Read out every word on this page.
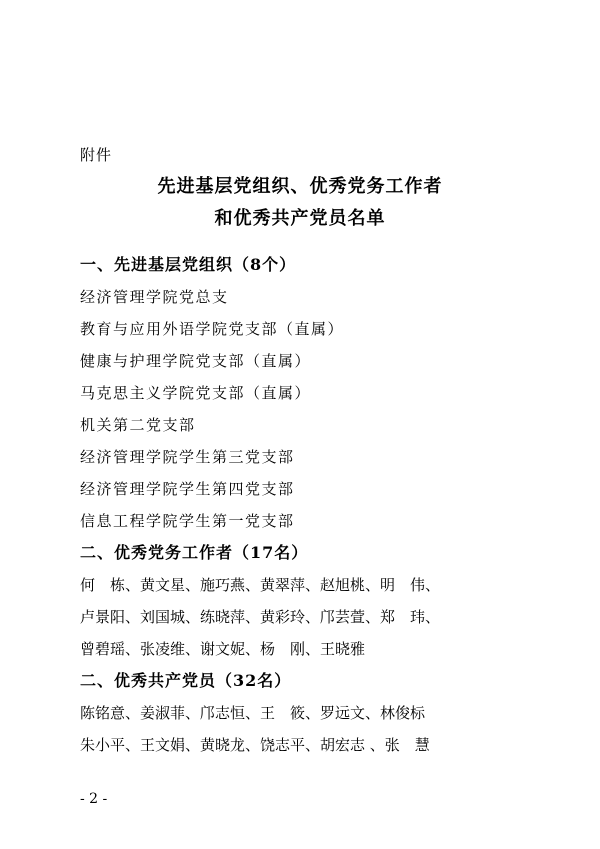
附件
先进基层党组织、优秀党务工作者
和优秀共产党员名单
一、先进基层党组织（8个）
经济管理学院党总支
教育与应用外语学院党支部（直属）
健康与护理学院党支部（直属）
马克思主义学院党支部（直属）
机关第二党支部
经济管理学院学生第三党支部
经济管理学院学生第四党支部
信息工程学院学生第一党支部
二、优秀党务工作者（17名）
何　栋、黄文星、施巧燕、黄翠萍、赵旭桃、明　伟、
卢景阳、刘国城、练晓萍、黄彩玲、邝芸萱、郑　玮、
曾碧瑶、张凌维、谢文妮、杨　刚、王晓雅
二、优秀共产党员（32名）
陈铭意、姜淑菲、邝志恒、王　筱、罗远文、林俊标
朱小平、王文娟、黄晓龙、饶志平、胡宏志 、张　慧
- 2 -
